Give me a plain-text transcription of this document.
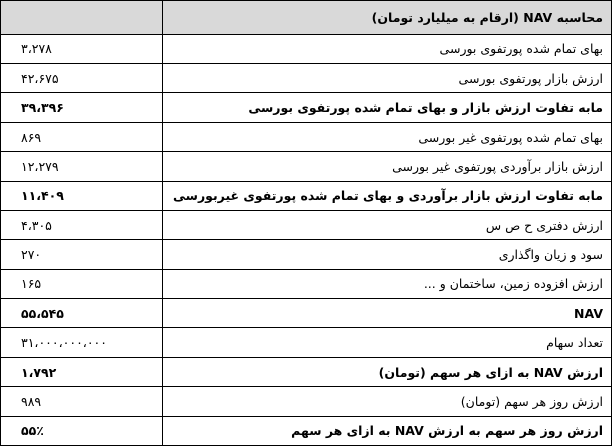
	محاسبه NAV (ارقام به میلیارد تومان)
۳،۲۷۸	بهای تمام شده پورتفوی بورسی
۴۲،۶۷۵	ارزش بازار پورتفوی بورسی
۳۹،۳۹۶	مابه تفاوت ارزش بازار و بهای تمام شده پورتفوی بورسی
۸۶۹	بهای تمام شده پورتفوی غیر بورسی
۱۲،۲۷۹	ارزش بازار برآوردی پورتفوی غیر بورسی
۱۱،۴۰۹	مابه تفاوت ارزش بازار برآوردی و بهای تمام شده پورتفوی غیربورسی
۴،۳۰۵	ارزش دفتری ح ص س
۲۷۰	سود و زیان واگذاری
۱۶۵	ارزش افزوده زمین، ساختمان و ...
۵۵،۵۴۵	NAV
۳۱،۰۰۰،۰۰۰،۰۰۰	تعداد سهام
۱،۷۹۲	ارزش NAV به ازای هر سهم (تومان)
۹۸۹	ارزش روز هر سهم (تومان)
۵۵٪	ارزش روز هر سهم به ارزش NAV به ازای هر سهم
